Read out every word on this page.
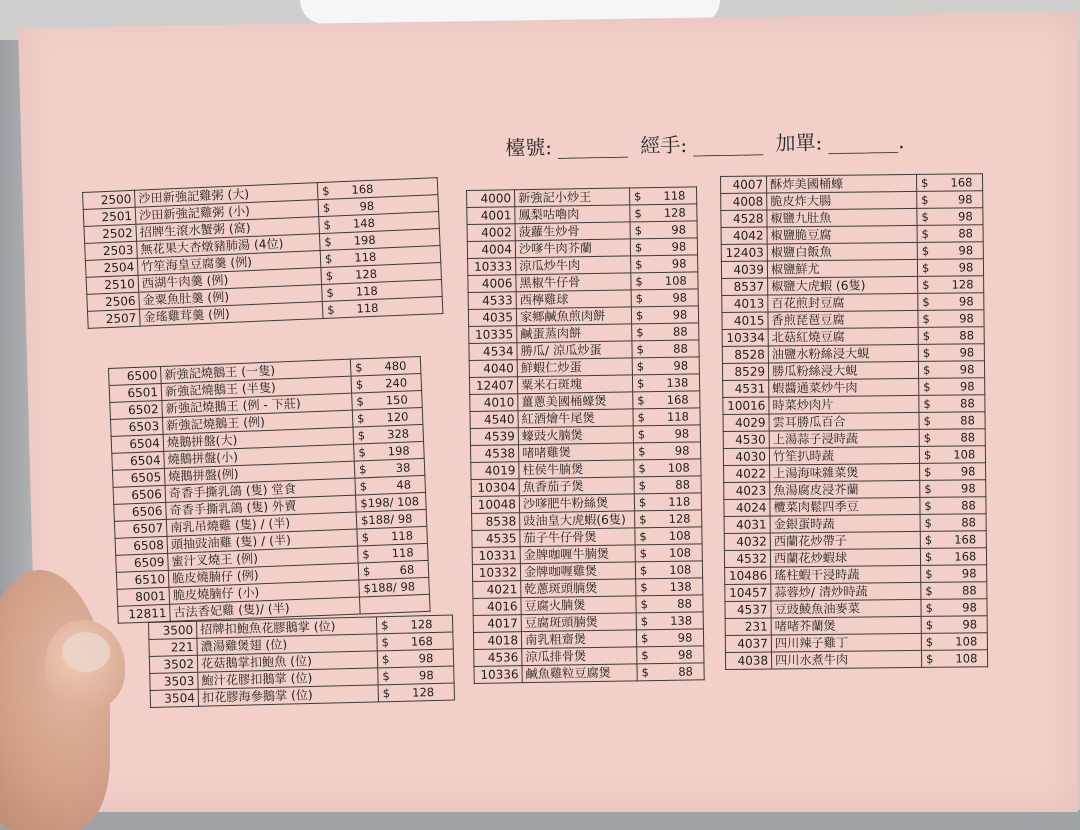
檯號: _______ 經手: _______ 加單: _______.
2500	沙田新強記雞粥 (大)	$ 168
2501	沙田新強記雞粥 (小)	$ 98
2502	招牌生滾水蟹粥 (窩)	$ 148
2503	無花果大杏燉豬肺湯 (4位)	$ 198
2504	竹笙海皇豆腐羹 (例)	$ 118
2510	西湖牛肉羹 (例)	$ 128
2506	金粟魚肚羹 (例)	$ 118
2507	金瑤雞茸羹 (例)	$ 118
6500	新強記燒鵝王 (一隻)	$ 480
6501	新強記燒鵝王 (半隻)	$ 240
6502	新強記燒鵝王 (例 - 下莊)	$ 150
6503	新強記燒鵝王 (例)	$ 120
6504	燒鵝拼盤(大)	$ 328
6504	燒鵝拼盤(小)	$ 198
6505	燒鵝拼盤(例)	$ 38
6506	奇香手撕乳鴿 (隻) 堂食	$ 48
6506	奇香手撕乳鴿 (隻) 外賣	$198/ 108
6507	南乳吊燒雞 (隻) / (半)	$188/ 98
6508	頭抽豉油雞 (隻) / (半)	$ 118
6509	蜜汁叉燒王 (例)	$ 118
6510	脆皮燒腩仔 (例)	$ 68
8001	脆皮燒腩仔 (小)	$188/ 98
12811	古法香妃雞 (隻)/ (半)	
3500	招牌扣鮑魚花膠鵝掌 (位)	$ 128
221	濃湯雞煲翅 (位)	$ 168
3502	花菇鵝掌扣鮑魚 (位)	$ 98
3503	鮑汁花膠扣鵝掌 (位)	$ 98
3504	扣花膠海參鵝掌 (位)	$ 128
4000	新強記小炒王	$ 118
4001	鳳梨咕嚕肉	$ 128
4002	菠蘿生炒骨	$ 98
4004	沙嗲牛肉芥蘭	$ 98
10333	涼瓜炒牛肉	$ 98
4006	黑椒牛仔骨	$ 108
4533	西檸雞球	$ 98
4035	家鄉鹹魚煎肉餅	$ 98
10335	鹹蛋蒸肉餅	$ 88
4534	勝瓜/ 涼瓜炒蛋	$ 88
4040	鮮蝦仁炒蛋	$ 98
12407	粟米石斑塊	$ 138
4010	薑蔥美國桶蠔煲	$ 168
4540	紅酒燴牛尾煲	$ 118
4539	蠔豉火腩煲	$ 98
4538	啫啫雞煲	$ 98
4019	柱侯牛腩煲	$ 108
10304	魚香茄子煲	$ 88
10048	沙嗲肥牛粉絲煲	$ 118
8538	豉油皇大虎蝦(6隻)	$ 128
4535	茄子牛仔骨煲	$ 108
10331	金牌咖喱牛腩煲	$ 108
10332	金牌咖喱雞煲	$ 108
4021	乾蔥斑頭腩煲	$ 138
4016	豆腐火腩煲	$ 88
4017	豆腐斑頭腩煲	$ 138
4018	南乳粗齋煲	$ 98
4536	涼瓜排骨煲	$ 98
10336	鹹魚雞粒豆腐煲	$ 88
4007	酥炸美國桶蠔	$ 168
4008	脆皮炸大腸	$ 98
4528	椒鹽九肚魚	$ 98
4042	椒鹽脆豆腐	$ 88
12403	椒鹽白飯魚	$ 98
4039	椒鹽鮮尤	$ 98
8537	椒鹽大虎蝦 (6隻)	$ 128
4013	百花煎封豆腐	$ 98
4015	香煎琵琶豆腐	$ 98
10334	北菇紅燒豆腐	$ 88
8528	油鹽水粉絲浸大蜆	$ 98
8529	勝瓜粉絲浸大蜆	$ 98
4531	蝦醬通菜炒牛肉	$ 98
10016	時菜炒肉片	$ 88
4029	雲耳勝瓜百合	$ 88
4530	上湯蒜子浸時蔬	$ 88
4030	竹笙扒時蔬	$ 108
4022	上湯海味雜菜煲	$ 98
4023	魚湯腐皮浸芥蘭	$ 98
4024	欖菜肉鬆四季豆	$ 88
4031	金銀蛋時蔬	$ 88
4032	西蘭花炒帶子	$ 168
4532	西蘭花炒蝦球	$ 168
10486	瑤柱蝦干浸時蔬	$ 98
10457	蒜蓉炒/ 清炒時蔬	$ 88
4537	豆豉鯪魚油麥菜	$ 98
231	啫啫芥蘭煲	$ 98
4037	四川辣子雞丁	$ 108
4038	四川水煮牛肉	$ 108
